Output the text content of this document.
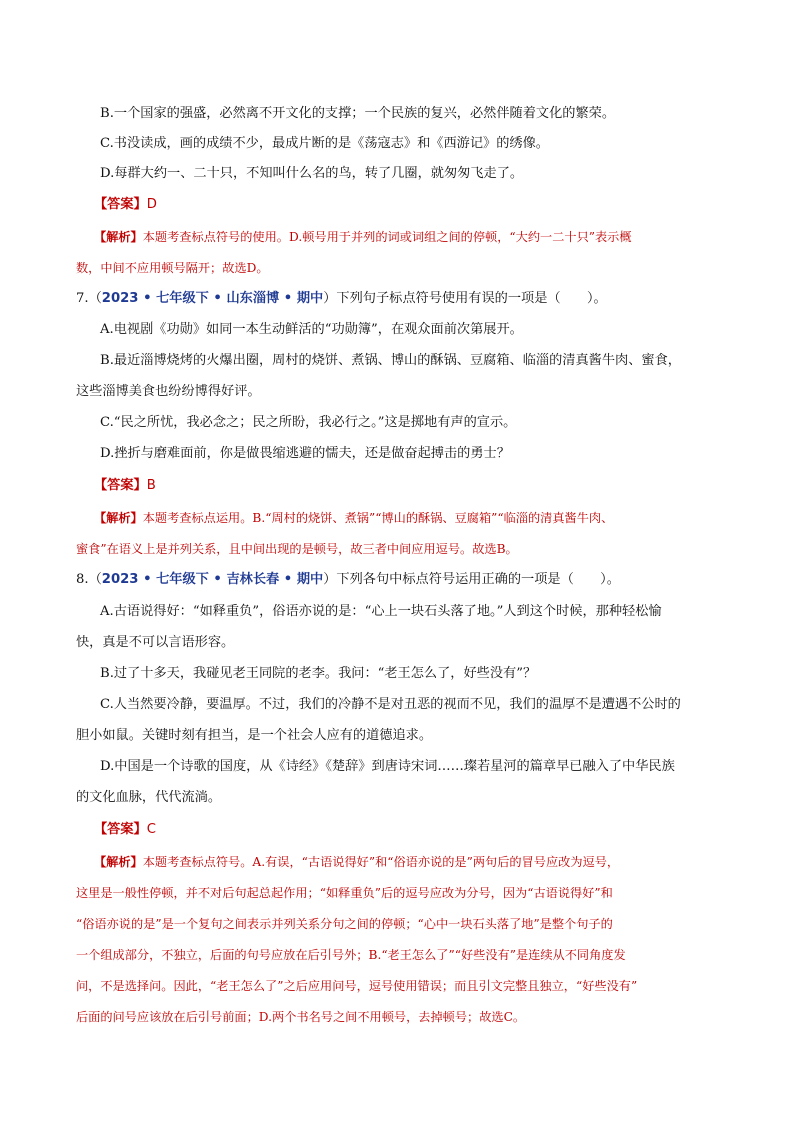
B.一个国家的强盛，必然离不开文化的支撑；一个民族的复兴，必然伴随着文化的繁荣。
C.书没读成，画的成绩不少，最成片断的是《荡寇志》和《西游记》的绣像。
D.每群大约一、二十只，不知叫什么名的鸟，转了几圈，就匆匆飞走了。
【答案】D
【解析】本题考查标点符号的使用。D.顿号用于并列的词或词组之间的停顿，“大约一二十只”表示概
数，中间不应用顿号隔开；故选D。
7.（2023 • 七年级下 • 山东淄博 • 期中）下列句子标点符号使用有误的一项是（　　）。
A.电视剧《功勋》如同一本生动鲜活的“功勋簿”，在观众面前次第展开。
B.最近淄博烧烤的火爆出圈，周村的烧饼、煮锅、博山的酥锅、豆腐箱、临淄的清真酱牛肉、蜜食，
这些淄博美食也纷纷博得好评。
C.“民之所忧，我必念之；民之所盼，我必行之。”这是掷地有声的宣示。
D.挫折与磨难面前，你是做畏缩逃避的懦夫，还是做奋起搏击的勇士？
【答案】B
【解析】本题考查标点运用。B.“周村的烧饼、煮锅”“博山的酥锅、豆腐箱”“临淄的清真酱牛肉、
蜜食”在语义上是并列关系，且中间出现的是顿号，故三者中间应用逗号。故选B。
8.（2023 • 七年级下 • 吉林长春 • 期中）下列各句中标点符号运用正确的一项是（　　）。
A.古语说得好：“如释重负”，俗语亦说的是：“心上一块石头落了地。”人到这个时候，那种轻松愉
快，真是不可以言语形容。
B.过了十多天，我碰见老王同院的老李。我问：“老王怎么了，好些没有”？
C.人当然要冷静，要温厚。不过，我们的冷静不是对丑恶的视而不见，我们的温厚不是遭遇不公时的
胆小如鼠。关键时刻有担当，是一个社会人应有的道德追求。
D.中国是一个诗歌的国度，从《诗经》《楚辞》到唐诗宋词……璨若星河的篇章早已融入了中华民族
的文化血脉，代代流淌。
【答案】C
【解析】本题考查标点符号。A.有误，“古语说得好”和“俗语亦说的是”两句后的冒号应改为逗号，
这里是一般性停顿，并不对后句起总起作用；“如释重负”后的逗号应改为分号，因为“古语说得好”和
“俗语亦说的是”是一个复句之间表示并列关系分句之间的停顿；“心中一块石头落了地”是整个句子的
一个组成部分，不独立，后面的句号应放在后引号外；B.“老王怎么了”“好些没有”是连续从不同角度发
问，不是选择问。因此，“老王怎么了”之后应用问号，逗号使用错误；而且引文完整且独立，“好些没有”
后面的问号应该放在后引号前面；D.两个书名号之间不用顿号，去掉顿号；故选C。
